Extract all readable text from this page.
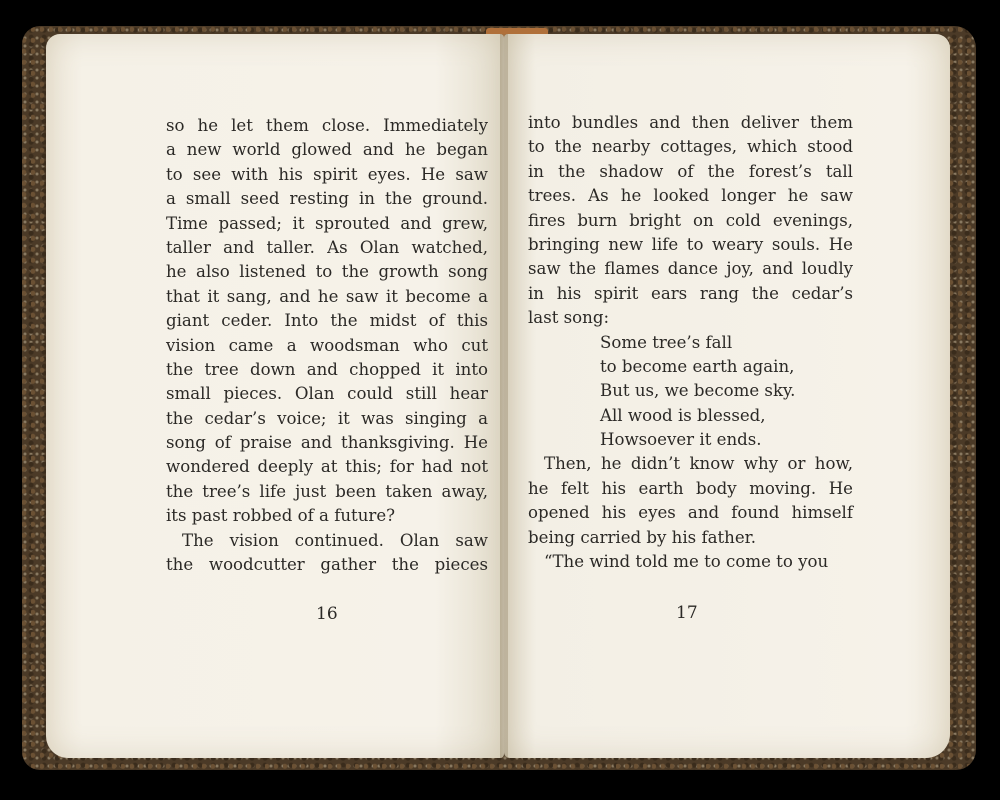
so he let them close. Immediately
a new world glowed and he began
to see with his spirit eyes. He saw
a small seed resting in the ground.
Time passed; it sprouted and grew,
taller and taller. As Olan watched,
he also listened to the growth song
that it sang, and he saw it become a
giant ceder. Into the midst of this
vision came a woodsman who cut
the tree down and chopped it into
small pieces. Olan could still hear
the cedar’s voice; it was singing a
song of praise and thanksgiving. He
wondered deeply at this; for had not
the tree’s life just been taken away,
its past robbed of a future?
The vision continued. Olan saw
the woodcutter gather the pieces
into bundles and then deliver them
to the nearby cottages, which stood
in the shadow of the forest’s tall
trees. As he looked longer he saw
fires burn bright on cold evenings,
bringing new life to weary souls. He
saw the flames dance joy, and loudly
in his spirit ears rang the cedar’s
last song:
Some tree’s fall
to become earth again,
But us, we become sky.
All wood is blessed,
Howsoever it ends.
Then, he didn’t know why or how,
he felt his earth body moving. He
opened his eyes and found himself
being carried by his father.
“The wind told me to come to you
16	17
